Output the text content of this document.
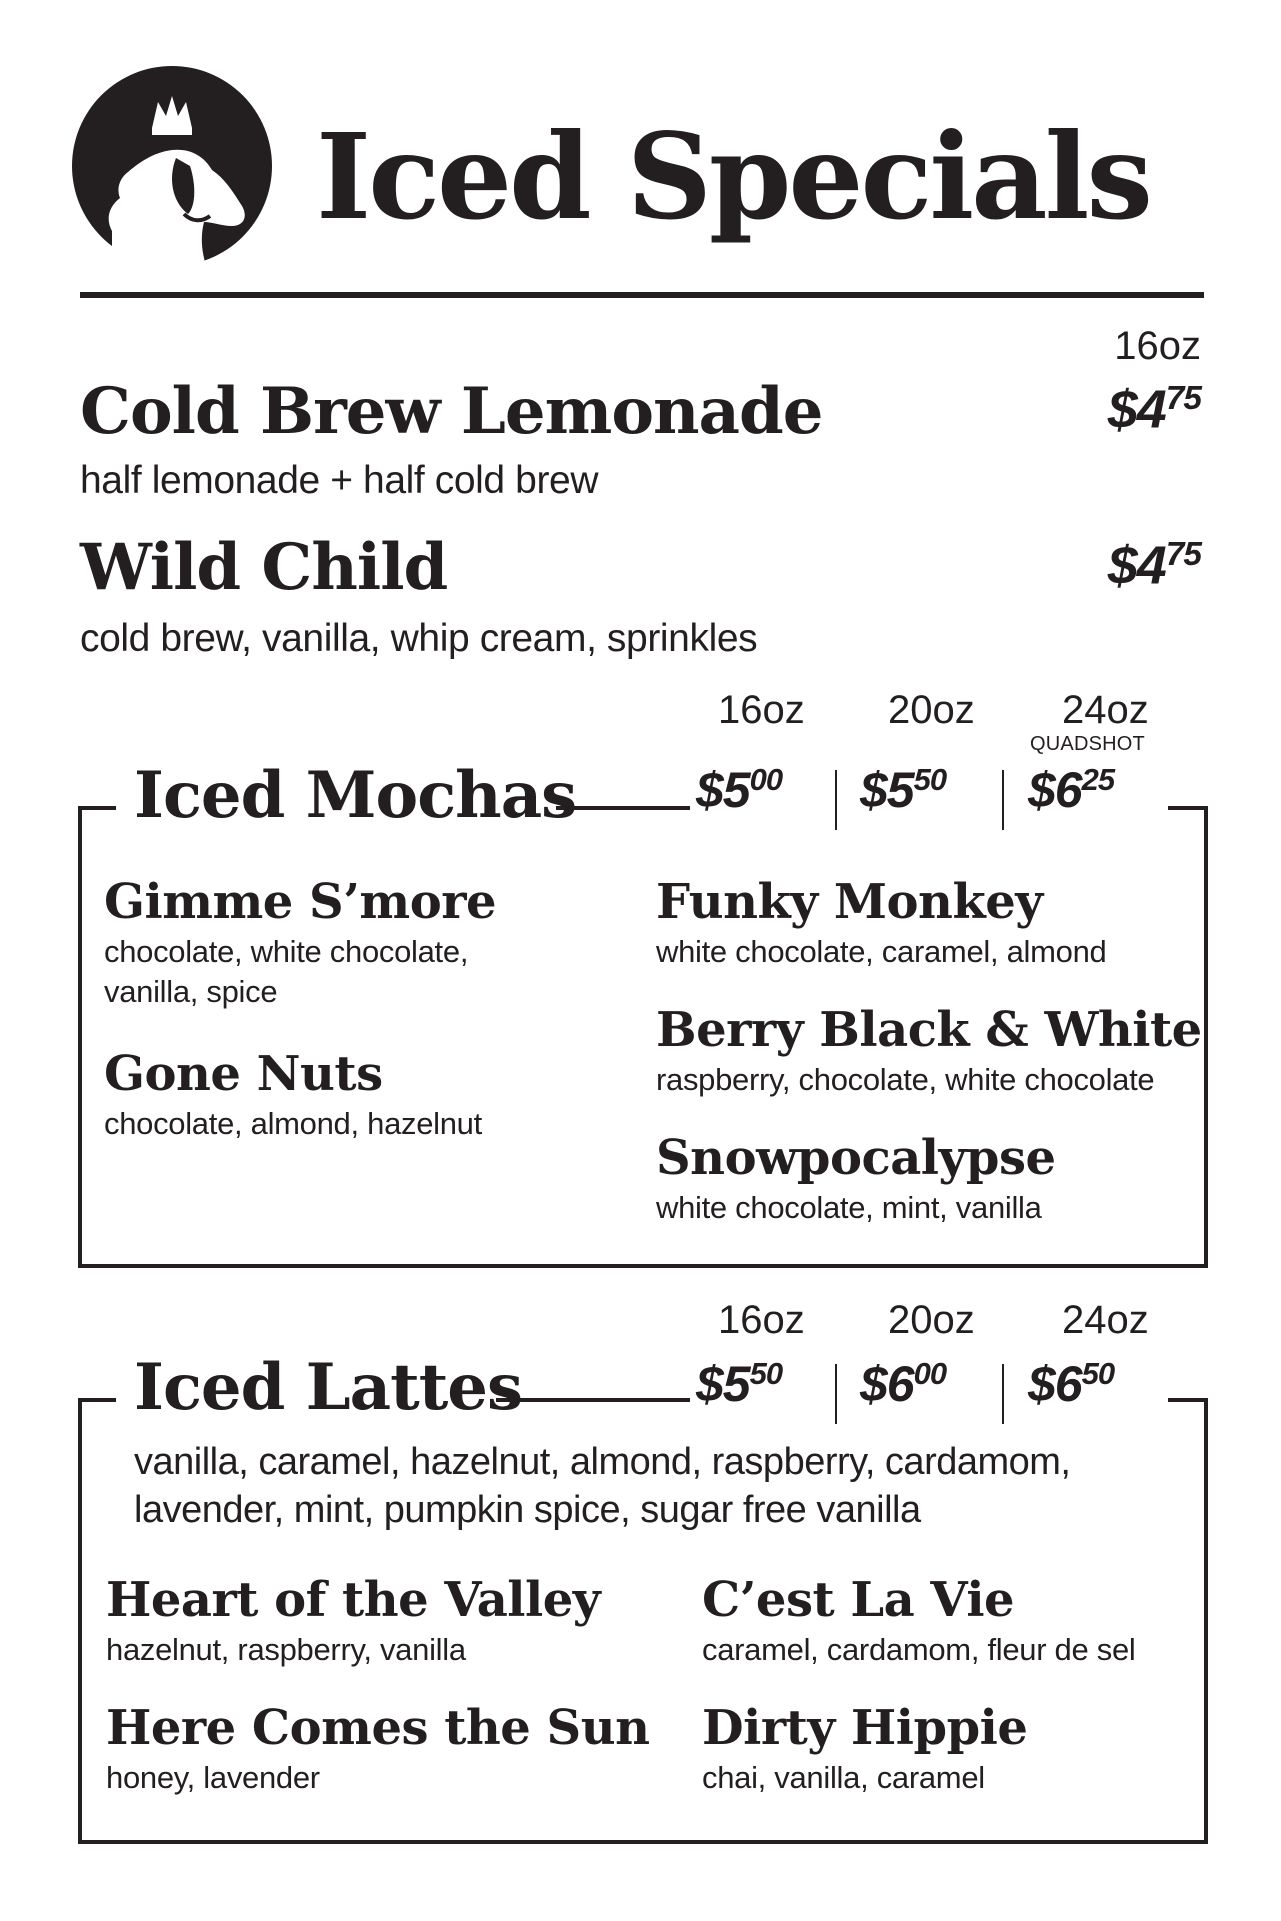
Iced Specials
16oz
Cold Brew Lemonade	$\$4^{75}$
half lemonade + half cold brew
Wild Child	$\$4^{75}$
cold brew, vanilla, whip cream, sprinkles
16oz 20oz 24oz
QUADSHOT
Iced Mochas $\$5^{00}$ $\$5^{50}$ $\$6^{25}$
Gimme S’more
chocolate, white chocolate, vanilla, spice
Gone Nuts
chocolate, almond, hazelnut
Funky Monkey
white chocolate, caramel, almond
Berry Black & White
raspberry, chocolate, white chocolate
Snowpocalypse
white chocolate, mint, vanilla
16oz 20oz 24oz
Iced Lattes	$\$5^{50}$ $\$6^{00}$ $\$6^{50}$
vanilla, caramel, hazelnut, almond, raspberry, cardamom,
lavender, mint, pumpkin spice, sugar free vanilla
Heart of the Valley
hazelnut, raspberry, vanilla
Here Comes the Sun
honey, lavender
C’est La Vie
caramel, cardamom, fleur de sel
Dirty Hippie
chai, vanilla, caramel
